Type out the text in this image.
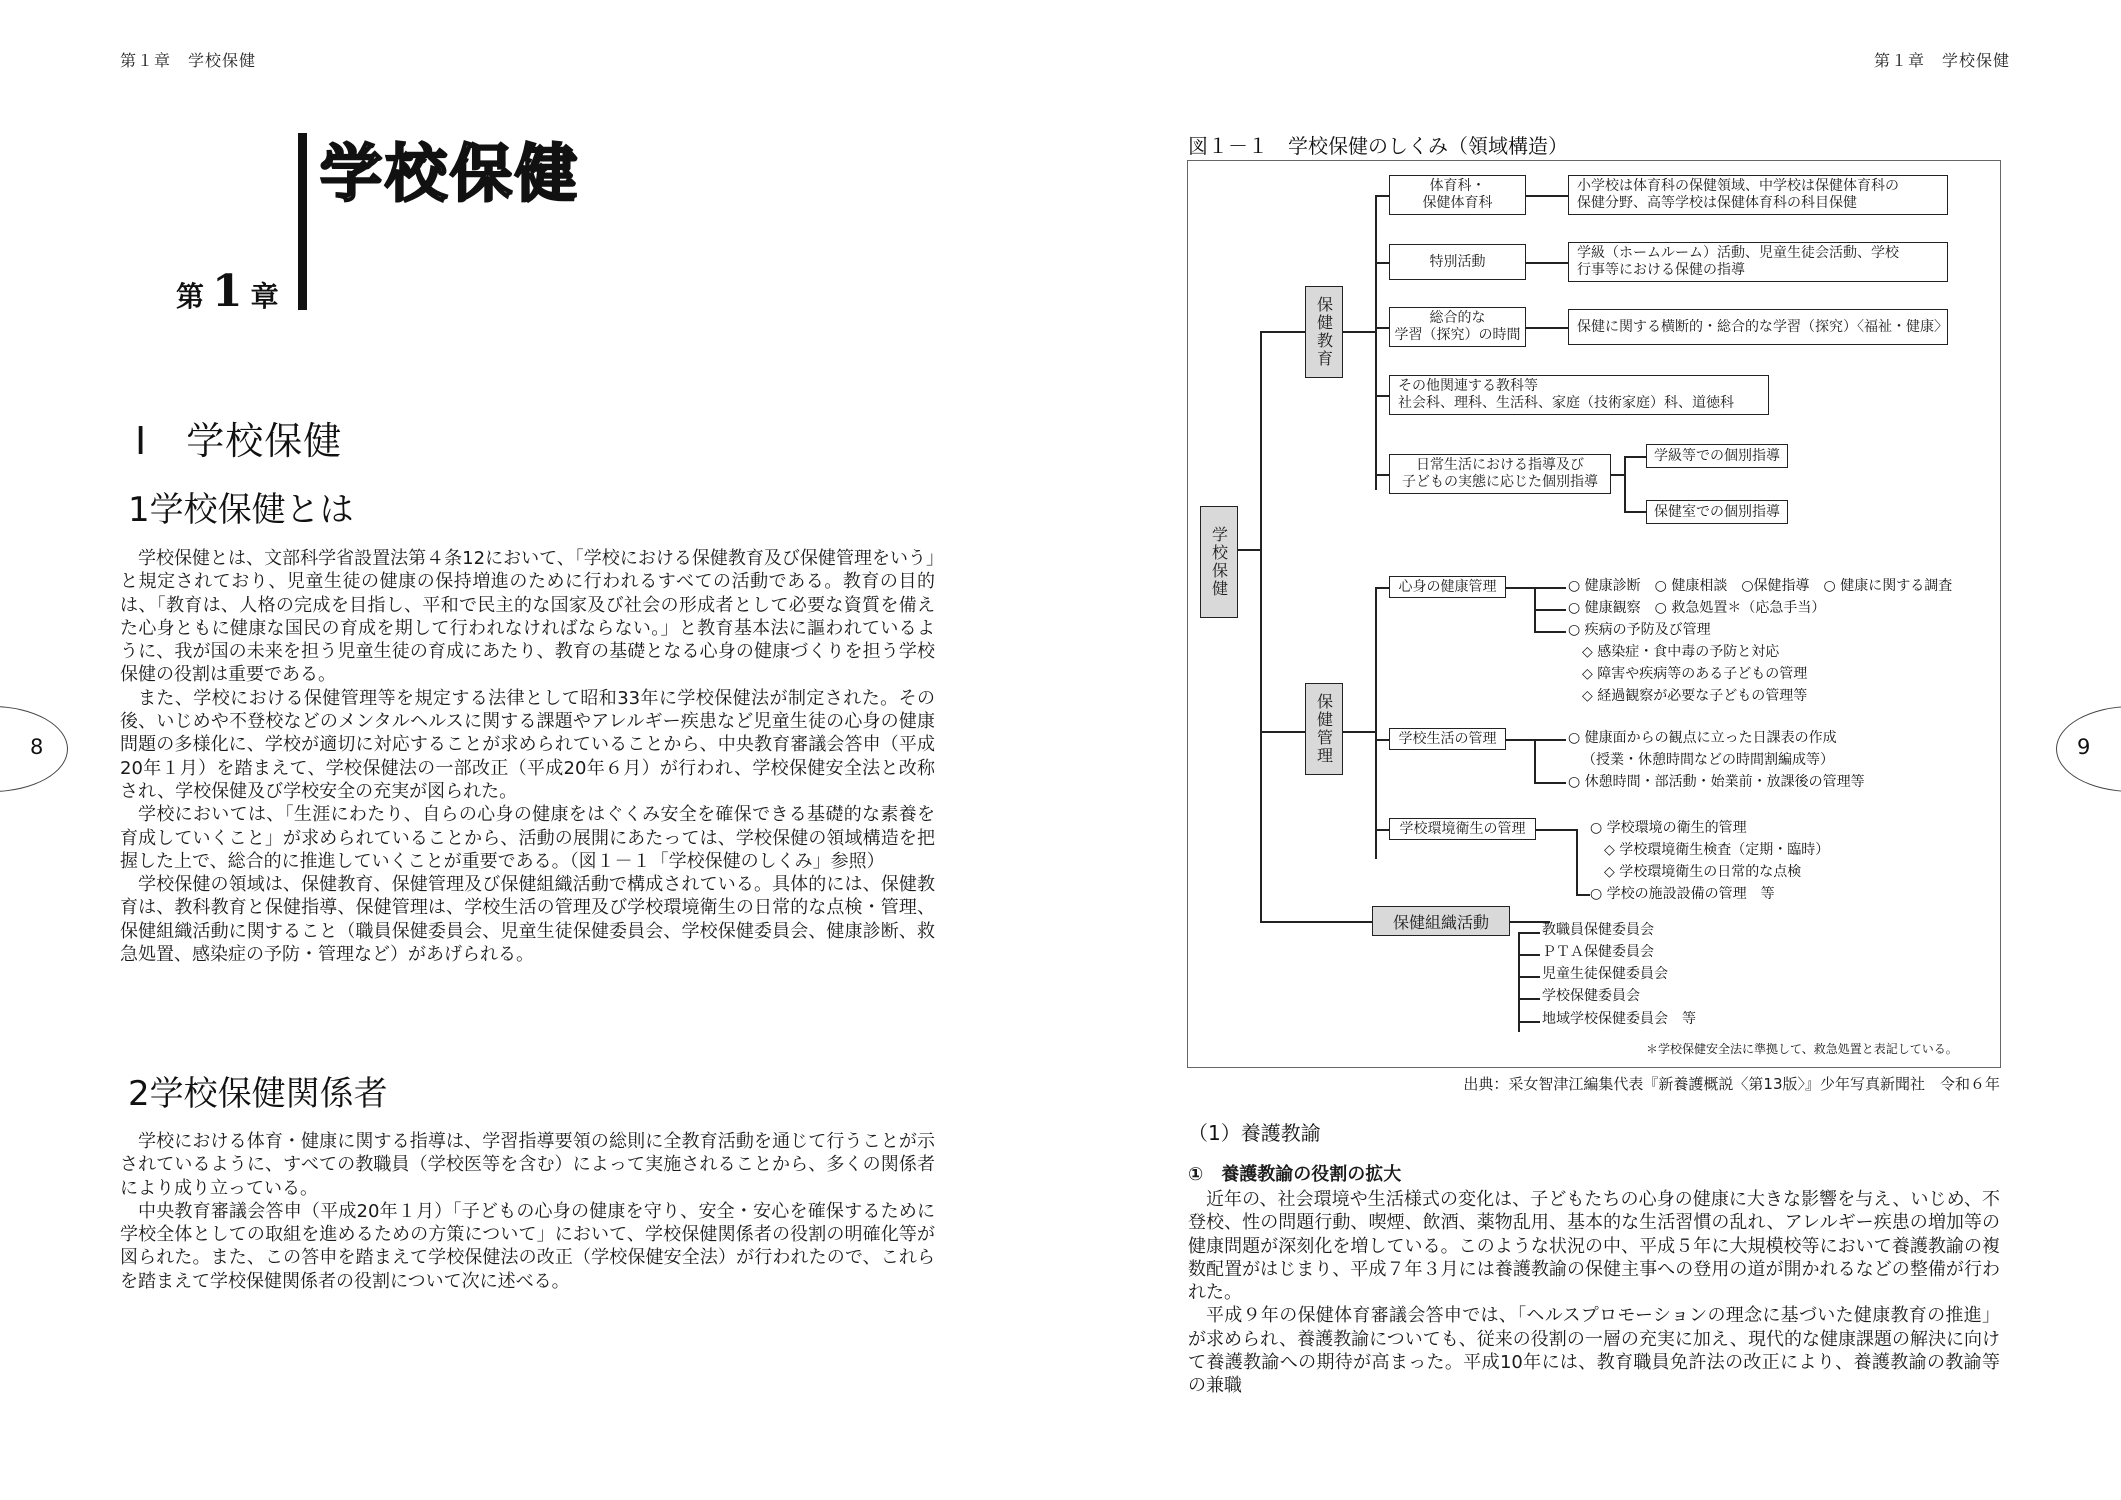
第１章　学校保健
8
第 1 章
学校保健
Ⅰ　学校保健
1学校保健とは

学校保健とは、文部科学省設置法第４条12において、「学校における保健教育及び保健管理をいう」と規定されており、児童生徒の健康の保持増進のために行われるすべての活動である。教育の目的は、「教育は、人格の完成を目指し、平和で民主的な国家及び社会の形成者として必要な資質を備えた心身ともに健康な国民の育成を期して行われなければならない。」と教育基本法に謳われているように、我が国の未来を担う児童生徒の育成にあたり、教育の基礎となる心身の健康づくりを担う学校保健の役割は重要である。

また、学校における保健管理等を規定する法律として昭和33年に学校保健法が制定された。その後、いじめや不登校などのメンタルヘルスに関する課題やアレルギー疾患など児童生徒の心身の健康問題の多様化に、学校が適切に対応することが求められていることから、中央教育審議会答申（平成20年１月）を踏まえて、学校保健法の一部改正（平成20年６月）が行われ、学校保健安全法と改称され、学校保健及び学校安全の充実が図られた。

学校においては、「生涯にわたり、自らの心身の健康をはぐくみ安全を確保できる基礎的な素養を育成していくこと」が求められていることから、活動の展開にあたっては、学校保健の領域構造を把握した上で、総合的に推進していくことが重要である。（図１－１「学校保健のしくみ」参照）

学校保健の領域は、保健教育、保健管理及び保健組織活動で構成されている。具体的には、保健教育は、教科教育と保健指導、保健管理は、学校生活の管理及び学校環境衛生の日常的な点検・管理、保健組織活動に関すること（職員保健委員会、児童生徒保健委員会、学校保健委員会、健康診断、救急処置、感染症の予防・管理など）があげられる。

2学校保健関係者

学校における体育・健康に関する指導は、学習指導要領の総則に全教育活動を通じて行うことが示されているように、すべての教職員（学校医等を含む）によって実施されることから、多くの関係者により成り立っている。

中央教育審議会答申（平成20年１月）「子どもの心身の健康を守り、安全・安心を確保するために学校全体としての取組を進めるための方策について」において、学校保健関係者の役割の明確化等が図られた。また、この答申を踏まえて学校保健法の改正（学校保健安全法）が行われたので、これらを踏まえて学校保健関係者の役割について次に述べる。

第１章　学校保健
9
図１－１　学校保健のしくみ（領域構造）
学校保健
保健教育
保健管理
保健組織活動
体育科・
保健体育科
小学校は体育科の保健領域、中学校は保健体育科の
保健分野、高等学校は保健体育科の科目保健
特別活動
学級（ホームルーム）活動、児童生徒会活動、学校
行事等における保健の指導
総合的な
学習（探究）の時間
保健に関する横断的・総合的な学習（探究）〈福祉・健康〉
その他関連する教科等
社会科、理科、生活科、家庭（技術家庭）科、道徳科
日常生活における指導及び
子どもの実態に応じた個別指導
学級等での個別指導
保健室での個別指導
心身の健康管理	○ 健康診断　○ 健康相談　○保健指導　○ 健康に関する調査
○ 健康観察　○ 救急処置＊（応急手当）
○ 疾病の予防及び管理
◇ 感染症・食中毒の予防と対応
◇ 障害や疾病等のある子どもの管理
◇ 経過観察が必要な子どもの管理等
学校生活の管理	○ 健康面からの観点に立った日課表の作成
（授業・休憩時間などの時間割編成等）
○ 休憩時間・部活動・始業前・放課後の管理等
学校環境衛生の管理	○ 学校環境の衛生的管理
◇ 学校環境衛生検査（定期・臨時）
◇ 学校環境衛生の日常的な点検
○ 学校の施設設備の管理　等
教職員保健委員会
ＰＴＡ保健委員会
児童生徒保健委員会
学校保健委員会
地域学校保健委員会　等
＊学校保健安全法に準拠して、救急処置と表記している。
出典：采女智津江編集代表『新養護概説〈第13版〉』少年写真新聞社　令和６年
（1）養護教諭
①　養護教諭の役割の拡大

近年の、社会環境や生活様式の変化は、子どもたちの心身の健康に大きな影響を与え、いじめ、不登校、性の問題行動、喫煙、飲酒、薬物乱用、基本的な生活習慣の乱れ、アレルギー疾患の増加等の健康問題が深刻化を増している。このような状況の中、平成５年に大規模校等において養護教諭の複数配置がはじまり、平成７年３月には養護教諭の保健主事への登用の道が開かれるなどの整備が行われた。

平成９年の保健体育審議会答申では、「ヘルスプロモーションの理念に基づいた健康教育の推進」が求められ、養護教諭についても、従来の役割の一層の充実に加え、現代的な健康課題の解決に向けて養護教諭への期待が高まった。平成10年には、教育職員免許法の改正により、養護教諭の教諭等の兼職
